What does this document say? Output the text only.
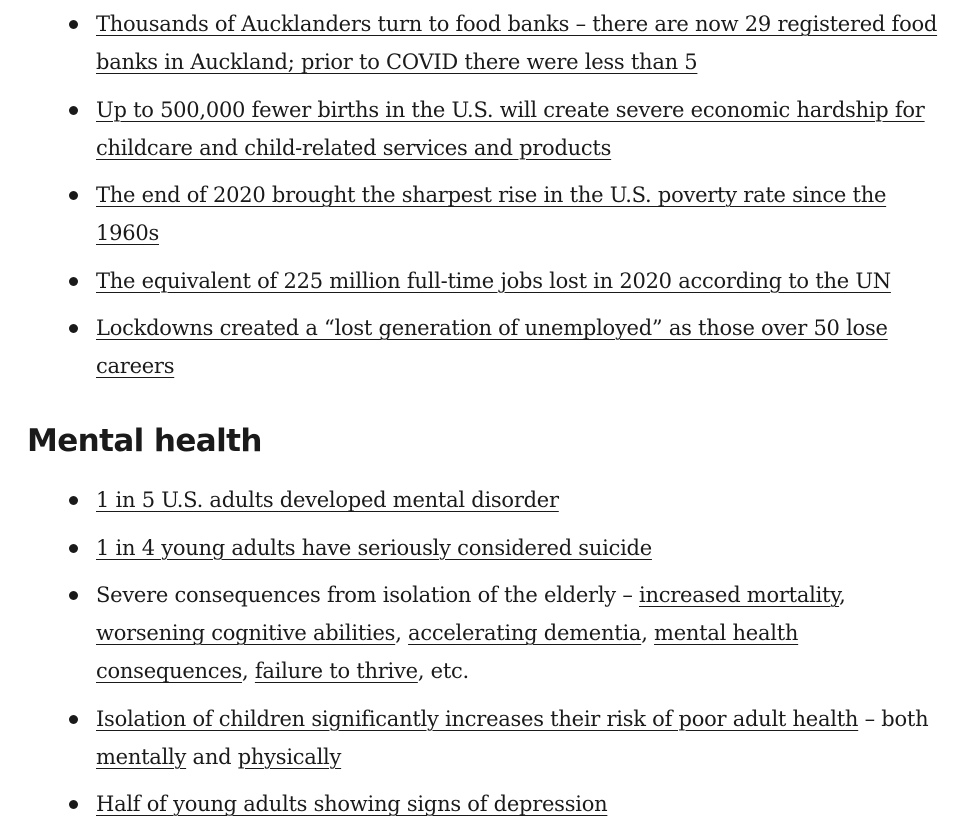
Thousands of Aucklanders turn to food banks – there are now 29 registered food banks in Auckland; prior to COVID there were less than 5
Up to 500,000 fewer births in the U.S. will create severe economic hardship for childcare and child-related services and products
The end of 2020 brought the sharpest rise in the U.S. poverty rate since the 1960s
The equivalent of 225 million full-time jobs lost in 2020 according to the UN
Lockdowns created a “lost generation of unemployed” as those over 50 lose careers
Mental health
1 in 5 U.S. adults developed mental disorder
1 in 4 young adults have seriously considered suicide
Severe consequences from isolation of the elderly – increased mortality, worsening cognitive abilities, accelerating dementia, mental health consequences, failure to thrive, etc.
Isolation of children significantly increases their risk of poor adult health – both mentally and physically
Half of young adults showing signs of depression
